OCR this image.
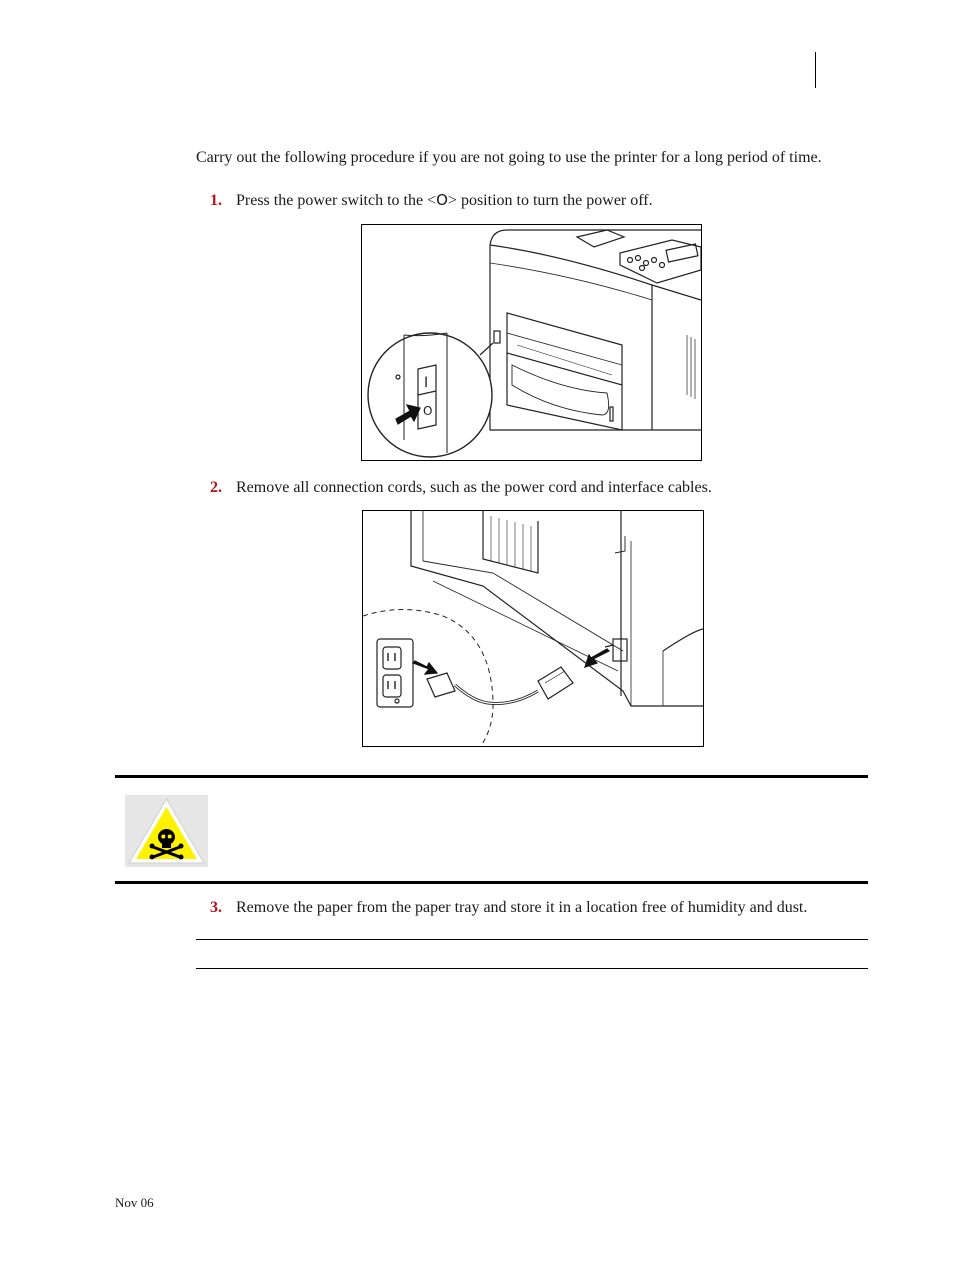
Carry out the following procedure if you are not going to use the printer for a long period of time.
1. Press the power switch to the <O> position to turn the power off.
I
O
2. Remove all connection cords, such as the power cord and interface cables.
3. Remove the paper from the paper tray and store it in a location free of humidity and dust.
Nov 06
